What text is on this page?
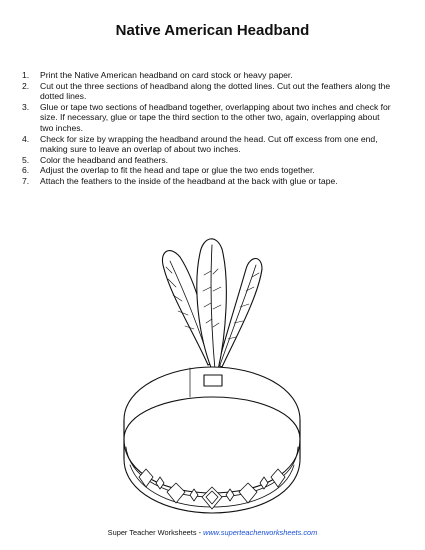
Native American Headband
1. Print the Native American headband on card stock or heavy paper.
2. Cut out the three sections of headband along the dotted lines. Cut out the feathers along the dotted lines.
3. Glue or tape two sections of headband together, overlapping about two inches and check for size. If necessary, glue or tape the third section to the other two, again, overlapping about two inches.
4. Check for size by wrapping the headband around the head. Cut off excess from one end, making sure to leave an overlap of about two inches.
5. Color the headband and feathers.
6. Adjust the overlap to fit the head and tape or glue the two ends together.
7. Attach the feathers to the inside of the headband at the back with glue or tape.
Super Teacher Worksheets - www.superteacherworksheets.com
